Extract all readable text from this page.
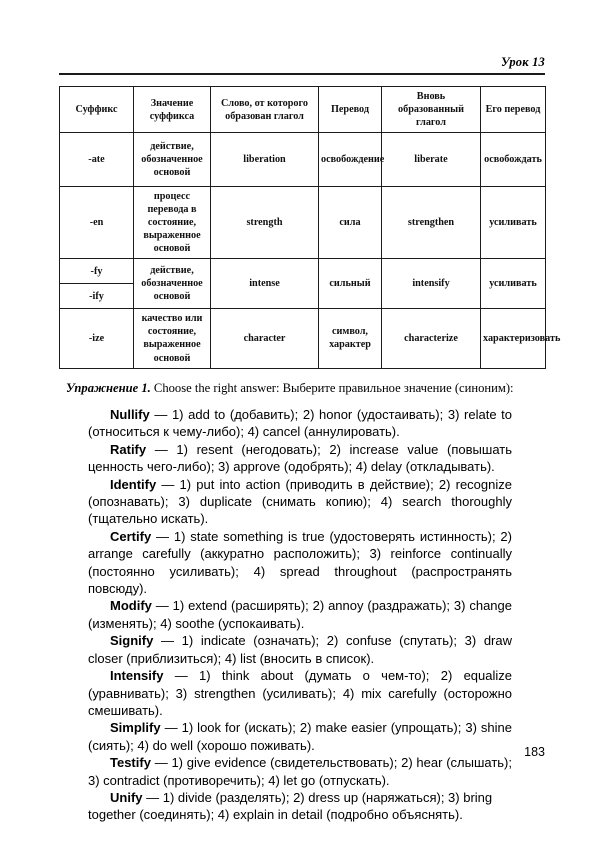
Урок 13
Суффикс	Значение суффикса	Слово, от которого образован глагол	Перевод	Вновь образованный глагол	Его перевод
-ate	действие, обозначенное основой	liberation	освобождение	liberate	освобождать
-en	процесс перевода в состояние, выраженное основой	strength	сила	strengthen	усиливать
-fy	действие, обозначенное основой	intense	сильный	intensify	усиливать
-ify					
-ize	качество или состояние, выраженное основой	character	символ, характер	characterize	характеризовать
Упражнение 1. Choose the right answer: Выберите правильное значение (синоним):

Nullify — 1) add to (добавить); 2) honor (удостаивать); 3) relate to (относиться к чему-либо); 4) cancel (аннулировать).

Ratify — 1) resent (негодовать); 2) increase value (повышать ценность чего-либо); 3) approve (одобрять); 4) delay (откладывать).

Identify — 1) put into action (приводить в действие); 2) recognize (опознавать); 3) duplicate (снимать копию); 4) search thoroughly (тщательно искать).

Certify — 1) state something is true (удостоверять истинность); 2) arrange carefully (аккуратно расположить); 3) reinforce continually (постоянно усиливать); 4) spread throughout (распространять повсюду).

Modify — 1) extend (расширять); 2) annoy (раздражать); 3) change (изменять); 4) soothe (успокаивать).

Signify — 1) indicate (означать); 2) confuse (спутать); 3) draw closer (приблизиться); 4) list (вносить в список).

Intensify — 1) think about (думать о чем-то); 2) equalize (уравнивать); 3) strengthen (усиливать); 4) mix carefully (осторожно смешивать).

Simplify — 1) look for (искать); 2) make easier (упрощать); 3) shine (сиять); 4) do well (хорошо поживать).

Testify — 1) give evidence (свидетельствовать); 2) hear (слышать); 3) contradict (противоречить); 4) let go (отпускать).

Unify — 1) divide (разделять); 2) dress up (наряжаться); 3) bring together (соединять); 4) explain in detail (подробно объяснять).

183
